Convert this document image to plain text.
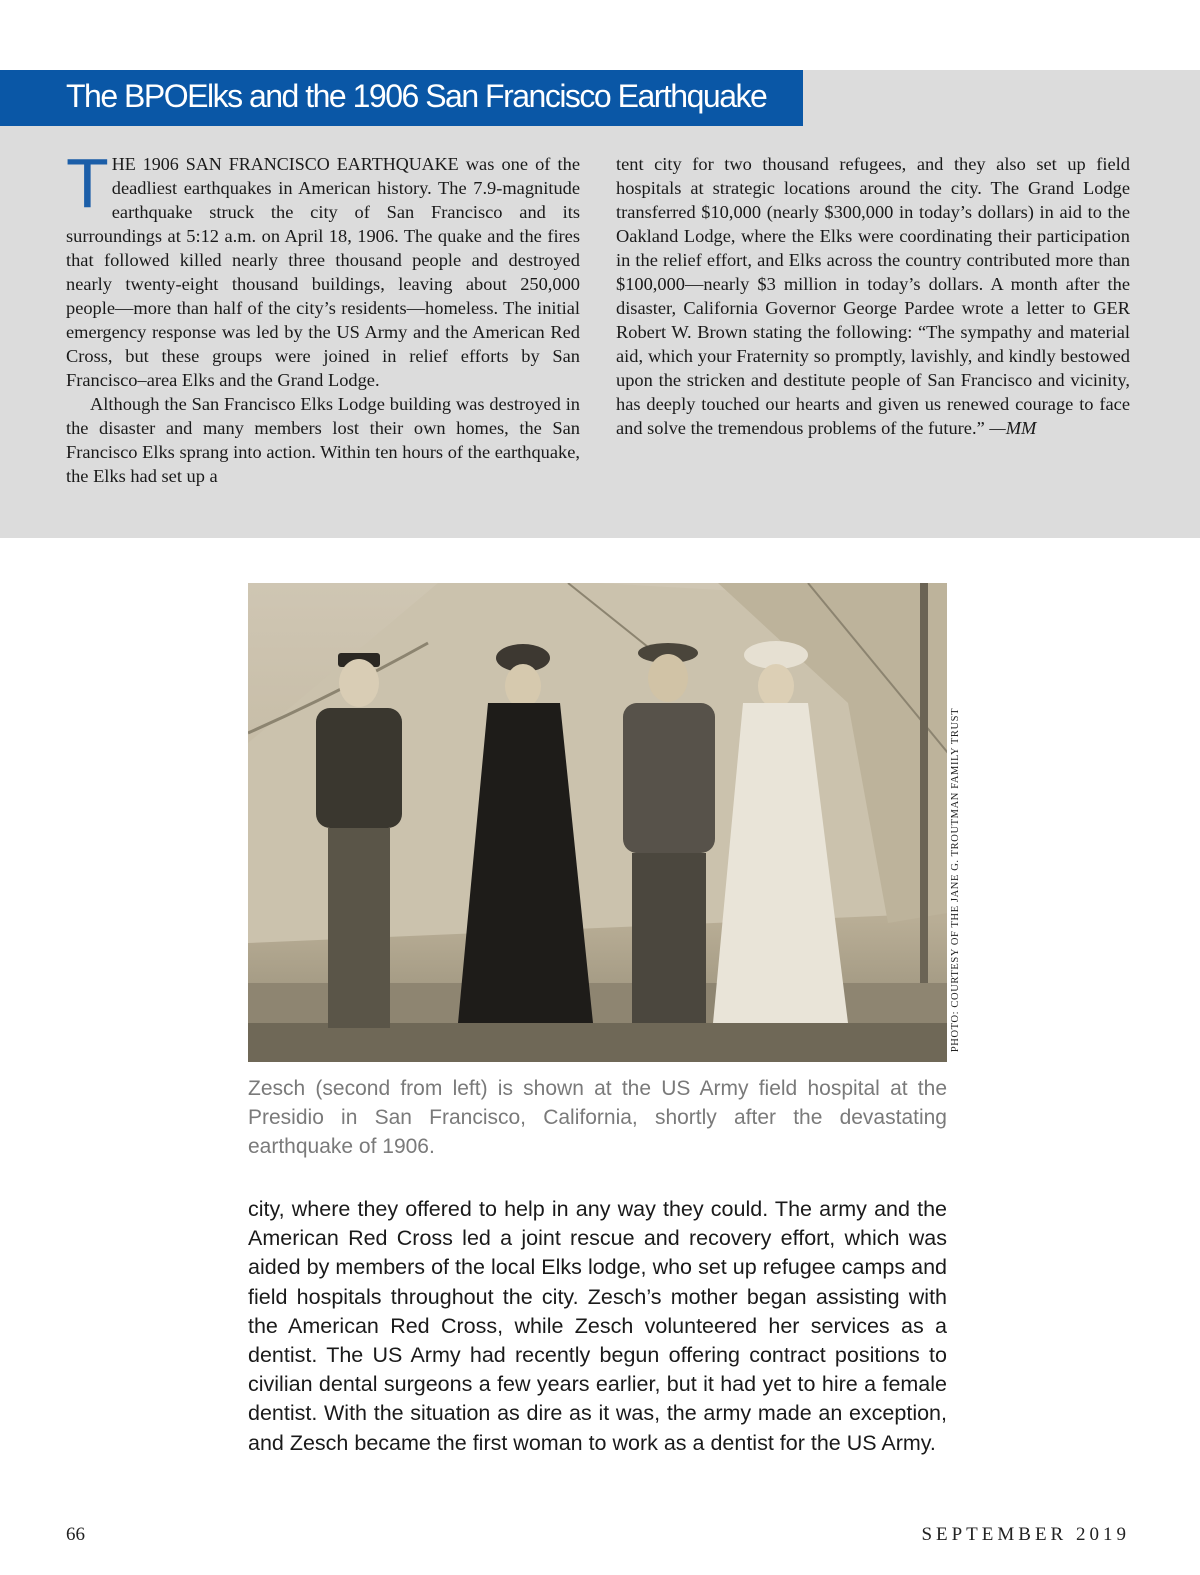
The BPOElks and the 1906 San Francisco Earthquake

THE 1906 SAN FRANCISCO EARTHQUAKE was one of the deadliest earthquakes in American history. The 7.9-magnitude earthquake struck the city of San Francisco and its surroundings at 5:12 a.m. on April 18, 1906. The quake and the fires that followed killed nearly three thousand people and destroyed nearly twenty-eight thousand buildings, leaving about 250,000 people—more than half of the city’s residents—homeless. The initial emergency response was led by the US Army and the American Red Cross, but these groups were joined in relief efforts by San Francisco–area Elks and the Grand Lodge.

Although the San Francisco Elks Lodge building was destroyed in the disaster and many members lost their own homes, the San Francisco Elks sprang into action. Within ten hours of the earthquake, the Elks had set up a

tent city for two thousand refugees, and they also set up field hospitals at strategic locations around the city. The Grand Lodge transferred $10,000 (nearly $300,000 in today’s dollars) in aid to the Oakland Lodge, where the Elks were coordinating their participation in the relief effort, and Elks across the country contributed more than $100,000—nearly $3 million in today’s dollars. A month after the disaster, California Governor George Pardee wrote a letter to GER Robert W. Brown stating the following: “The sympathy and material aid, which your Fraternity so promptly, lavishly, and kindly bestowed upon the stricken and destitute people of San Francisco and vicinity, has deeply touched our hearts and given us renewed courage to face and solve the tremendous problems of the future.” —MM

PHOTO: COURTESY OF THE JANE G. TROUTMAN FAMILY TRUST
Zesch (second from left) is shown at the US Army field hospital at the Presidio in San Francisco, California, shortly after the devastating earthquake of 1906.

city, where they offered to help in any way they could. The army and the American Red Cross led a joint rescue and recovery effort, which was aided by members of the local Elks lodge, who set up refugee camps and field hospitals throughout the city. Zesch’s mother began assisting with the American Red Cross, while Zesch volunteered her services as a dentist. The US Army had recently begun offering contract positions to civilian dental surgeons a few years earlier, but it had yet to hire a female dentist. With the situation as dire as it was, the army made an exception, and Zesch became the first woman to work as a dentist for the US Army.

66	SEPTEMBER 2019
